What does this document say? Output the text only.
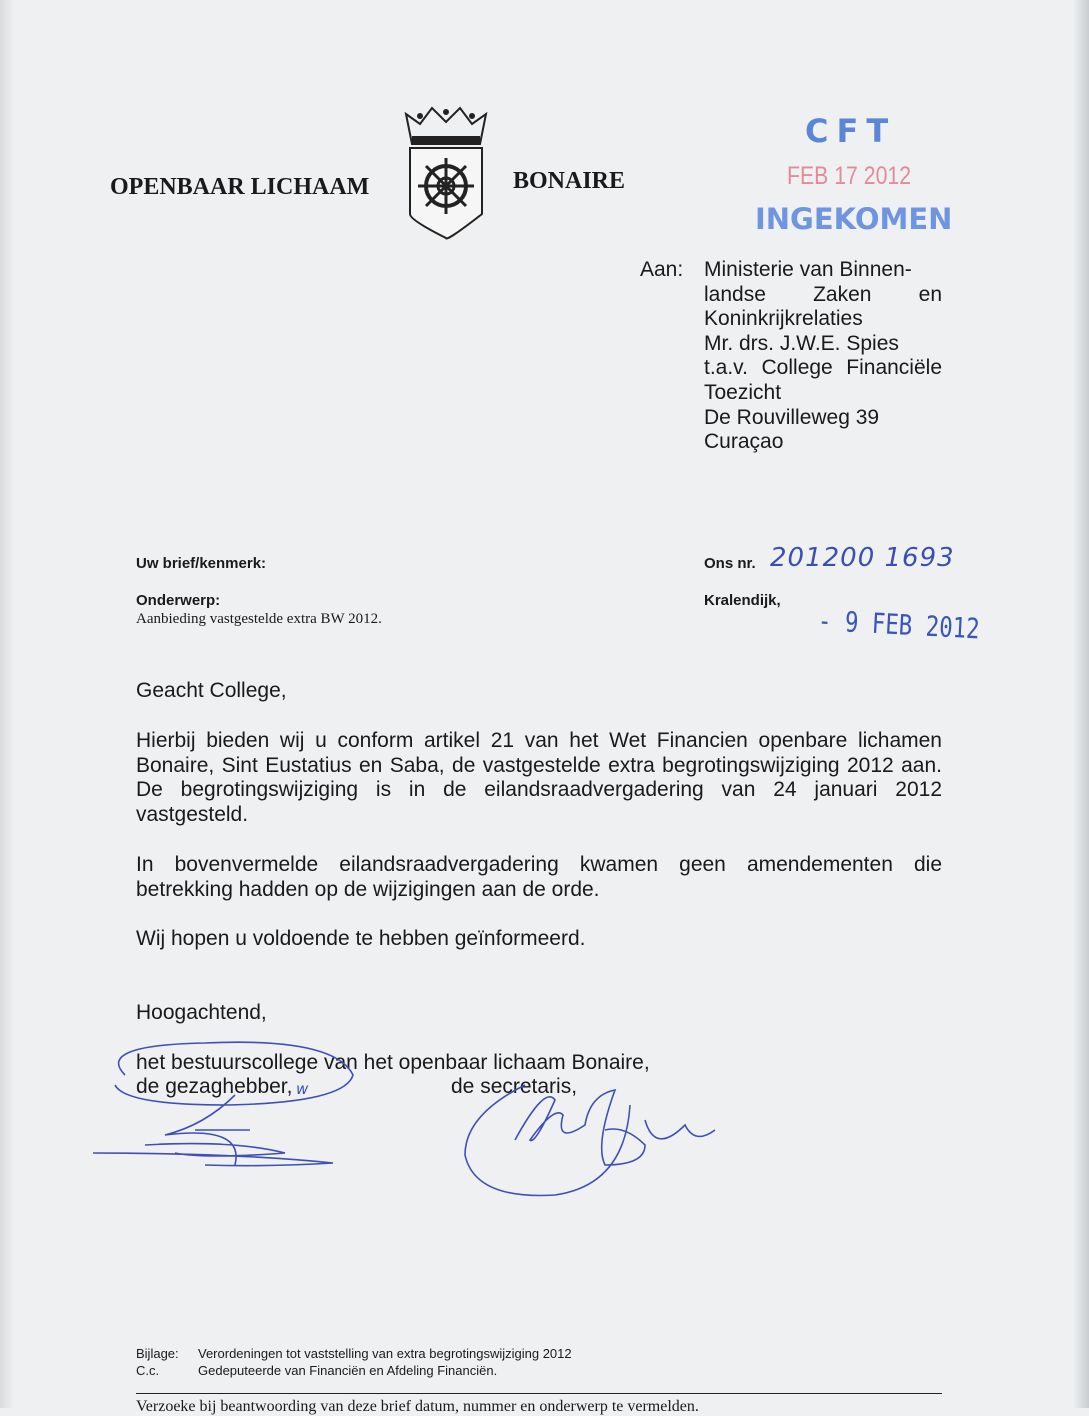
OPENBAAR LICHAAM	BONAIRE
CFT
FEB 17 2012
INGEKOMEN
Aan: Ministerie van Binnen-
landse Zaken en
Koninkrijkrelaties
Mr. drs. J.W.E. Spies
t.a.v. College Financiële
Toezicht
De Rouvilleweg 39
Curaçao
Uw brief/kenmerk:
Onderwerp:
Aanbieding vastgestelde extra BW 2012.
Ons nr. 201200 1693
Kralendijk,
- 9 FEB 2012
Geacht College,
Hierbij bieden wij u conform artikel 21 van het Wet Financien openbare lichamen Bonaire, Sint Eustatius en Saba, de vastgestelde extra begrotingswijziging 2012 aan. De begrotingswijziging is in de eilandsraadvergadering van 24 januari 2012 vastgesteld.
In bovenvermelde eilandsraadvergadering kwamen geen amendementen die betrekking hadden op de wijzigingen aan de orde.
Wij hopen u voldoende te hebben geïnformeerd.
Hoogachtend,
het bestuurscollege van het openbaar lichaam Bonaire,
de gezaghebber, w	de secretaris,
Bijlage: Verordeningen tot vaststelling van extra begrotingswijziging 2012
C.c.	Gedeputeerde van Financiën en Afdeling Financiën.
Verzoeke bij beantwoording van deze brief datum, nummer en onderwerp te vermelden.
